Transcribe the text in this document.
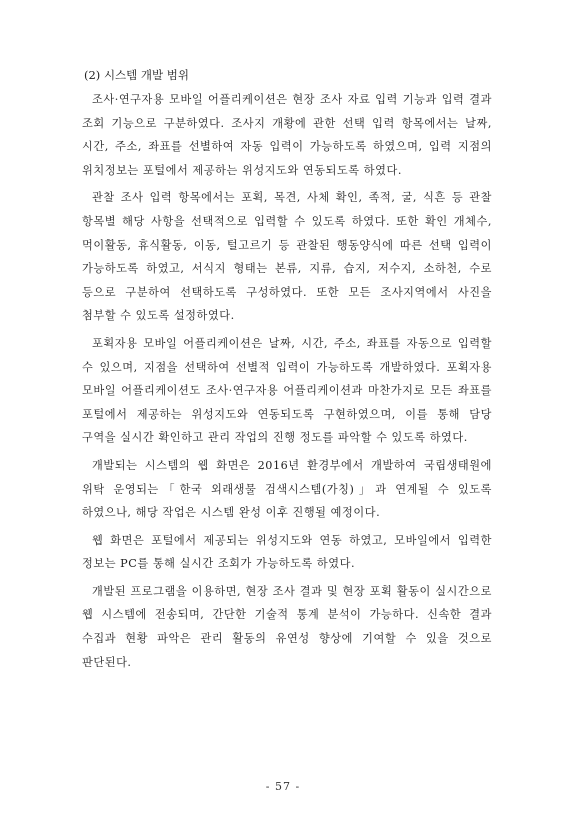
(2) 시스템 개발 범위

조사·연구자용 모바일 어플리케이션은 현장 조사 자료 입력 기능과 입력 결과 조회 기능으로 구분하였다. 조사지 개황에 관한 선택 입력 항목에서는 날짜, 시간, 주소, 좌표를 선별하여 자동 입력이 가능하도록 하였으며, 입력 지점의 위치정보는 포털에서 제공하는 위성지도와 연동되도록 하였다.

관찰 조사 입력 항목에서는 포획, 목견, 사체 확인, 족적, 굴, 식흔 등 관찰 항목별 해당 사항을 선택적으로 입력할 수 있도록 하였다. 또한 확인 개체수, 먹이활동, 휴식활동, 이동, 털고르기 등 관찰된 행동양식에 따른 선택 입력이 가능하도록 하였고, 서식지 형태는 본류, 지류, 습지, 저수지, 소하천, 수로 등으로 구분하여 선택하도록 구성하였다. 또한 모든 조사지역에서 사진을 첨부할 수 있도록 설정하였다.

포획자용 모바일 어플리케이션은 날짜, 시간, 주소, 좌표를 자동으로 입력할 수 있으며, 지점을 선택하여 선별적 입력이 가능하도록 개발하였다. 포획자용 모바일 어플리케이션도 조사·연구자용 어플리케이션과 마찬가지로 모든 좌표를 포털에서 제공하는 위성지도와 연동되도록 구현하였으며, 이를 통해 담당 구역을 실시간 확인하고 관리 작업의 진행 정도를 파악할 수 있도록 하였다.

개발되는 시스템의 웹 화면은 2016년 환경부에서 개발하여 국립생태원에 위탁 운영되는「한국 외래생물 검색시스템(가칭)」과 연계될 수 있도록 하였으나, 해당 작업은 시스템 완성 이후 진행될 예정이다.

웹 화면은 포털에서 제공되는 위성지도와 연동 하였고, 모바일에서 입력한 정보는 PC를 통해 실시간 조회가 가능하도록 하였다.

개발된 프로그램을 이용하면, 현장 조사 결과 및 현장 포획 활동이 실시간으로 웹 시스템에 전송되며, 간단한 기술적 통계 분석이 가능하다. 신속한 결과 수집과 현황 파악은 관리 활동의 유연성 향상에 기여할 수 있을 것으로 판단된다.

- 57 -
